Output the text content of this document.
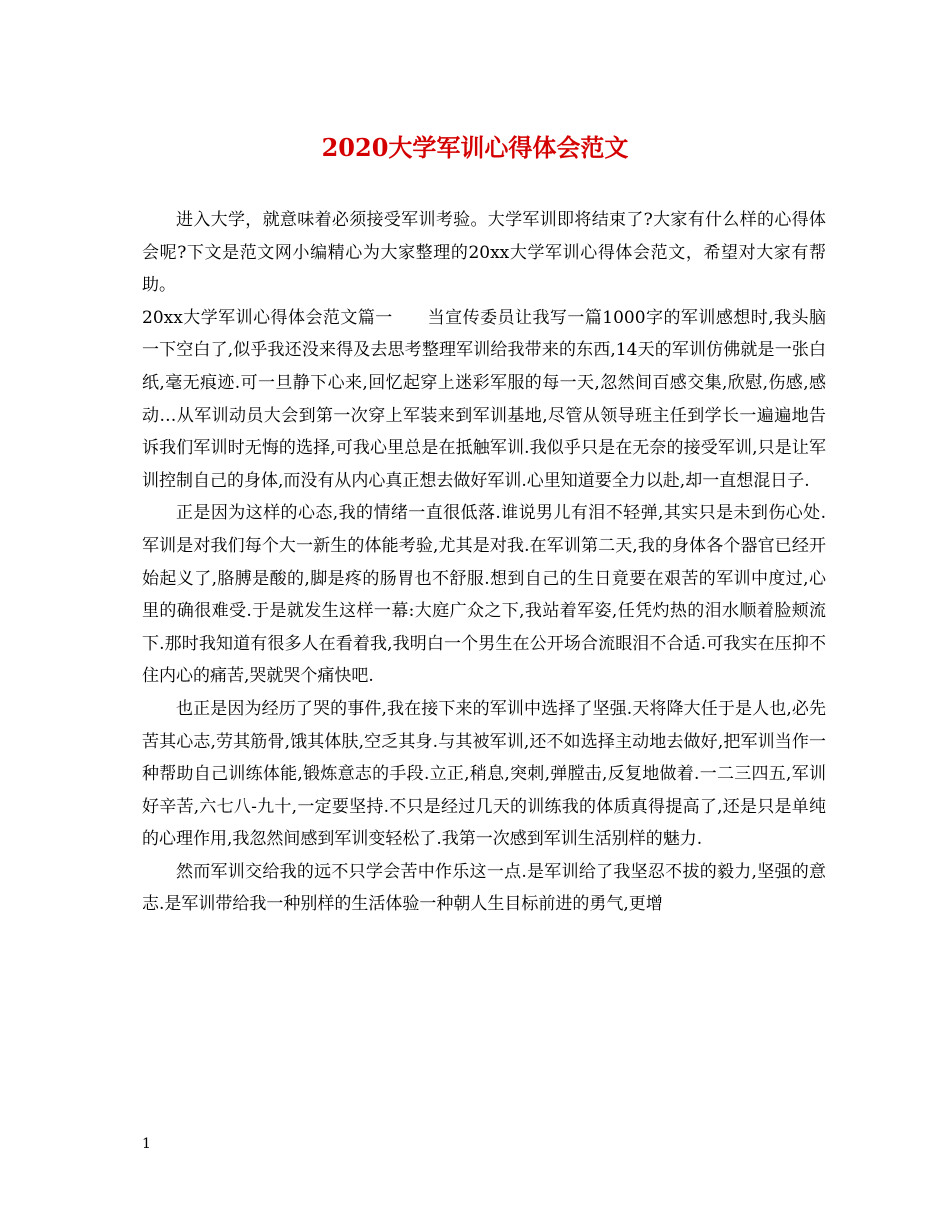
2020大学军训心得体会范文

进入大学，就意味着必须接受军训考验。大学军训即将结束了?大家有什么样的心得体会呢?下文是范文网小编精心为大家整理的20xx大学军训心得体会范文，希望对大家有帮助。

20xx大学军训心得体会范文篇一　　当宣传委员让我写一篇1000字的军训感想时,我头脑一下空白了,似乎我还没来得及去思考整理军训给我带来的东西,14天的军训仿佛就是一张白纸,毫无痕迹.可一旦静下心来,回忆起穿上迷彩军服的每一天,忽然间百感交集,欣慰,伤感,感动…从军训动员大会到第一次穿上军装来到军训基地,尽管从领导班主任到学长一遍遍地告诉我们军训时无悔的选择,可我心里总是在抵触军训.我似乎只是在无奈的接受军训,只是让军训控制自己的身体,而没有从内心真正想去做好军训.心里知道要全力以赴,却一直想混日子.

正是因为这样的心态,我的情绪一直很低落.谁说男儿有泪不轻弹,其实只是未到伤心处.军训是对我们每个大一新生的体能考验,尤其是对我.在军训第二天,我的身体各个器官已经开始起义了,胳膊是酸的,脚是疼的肠胃也不舒服.想到自己的生日竟要在艰苦的军训中度过,心里的确很难受.于是就发生这样一幕:大庭广众之下,我站着军姿,任凭灼热的泪水顺着脸颊流下.那时我知道有很多人在看着我,我明白一个男生在公开场合流眼泪不合适.可我实在压抑不住内心的痛苦,哭就哭个痛快吧.

也正是因为经历了哭的事件,我在接下来的军训中选择了坚强.天将降大任于是人也,必先苦其心志,劳其筋骨,饿其体肤,空乏其身.与其被军训,还不如选择主动地去做好,把军训当作一种帮助自己训练体能,锻炼意志的手段.立正,稍息,突刺,弹膛击,反复地做着.一二三四五,军训好辛苦,六七八-九十,一定要坚持.不只是经过几天的训练我的体质真得提高了,还是只是单纯的心理作用,我忽然间感到军训变轻松了.我第一次感到军训生活别样的魅力.

然而军训交给我的远不只学会苦中作乐这一点.是军训给了我坚忍不拔的毅力,坚强的意志.是军训带给我一种别样的生活体验一种朝人生目标前进的勇气,更增

1
